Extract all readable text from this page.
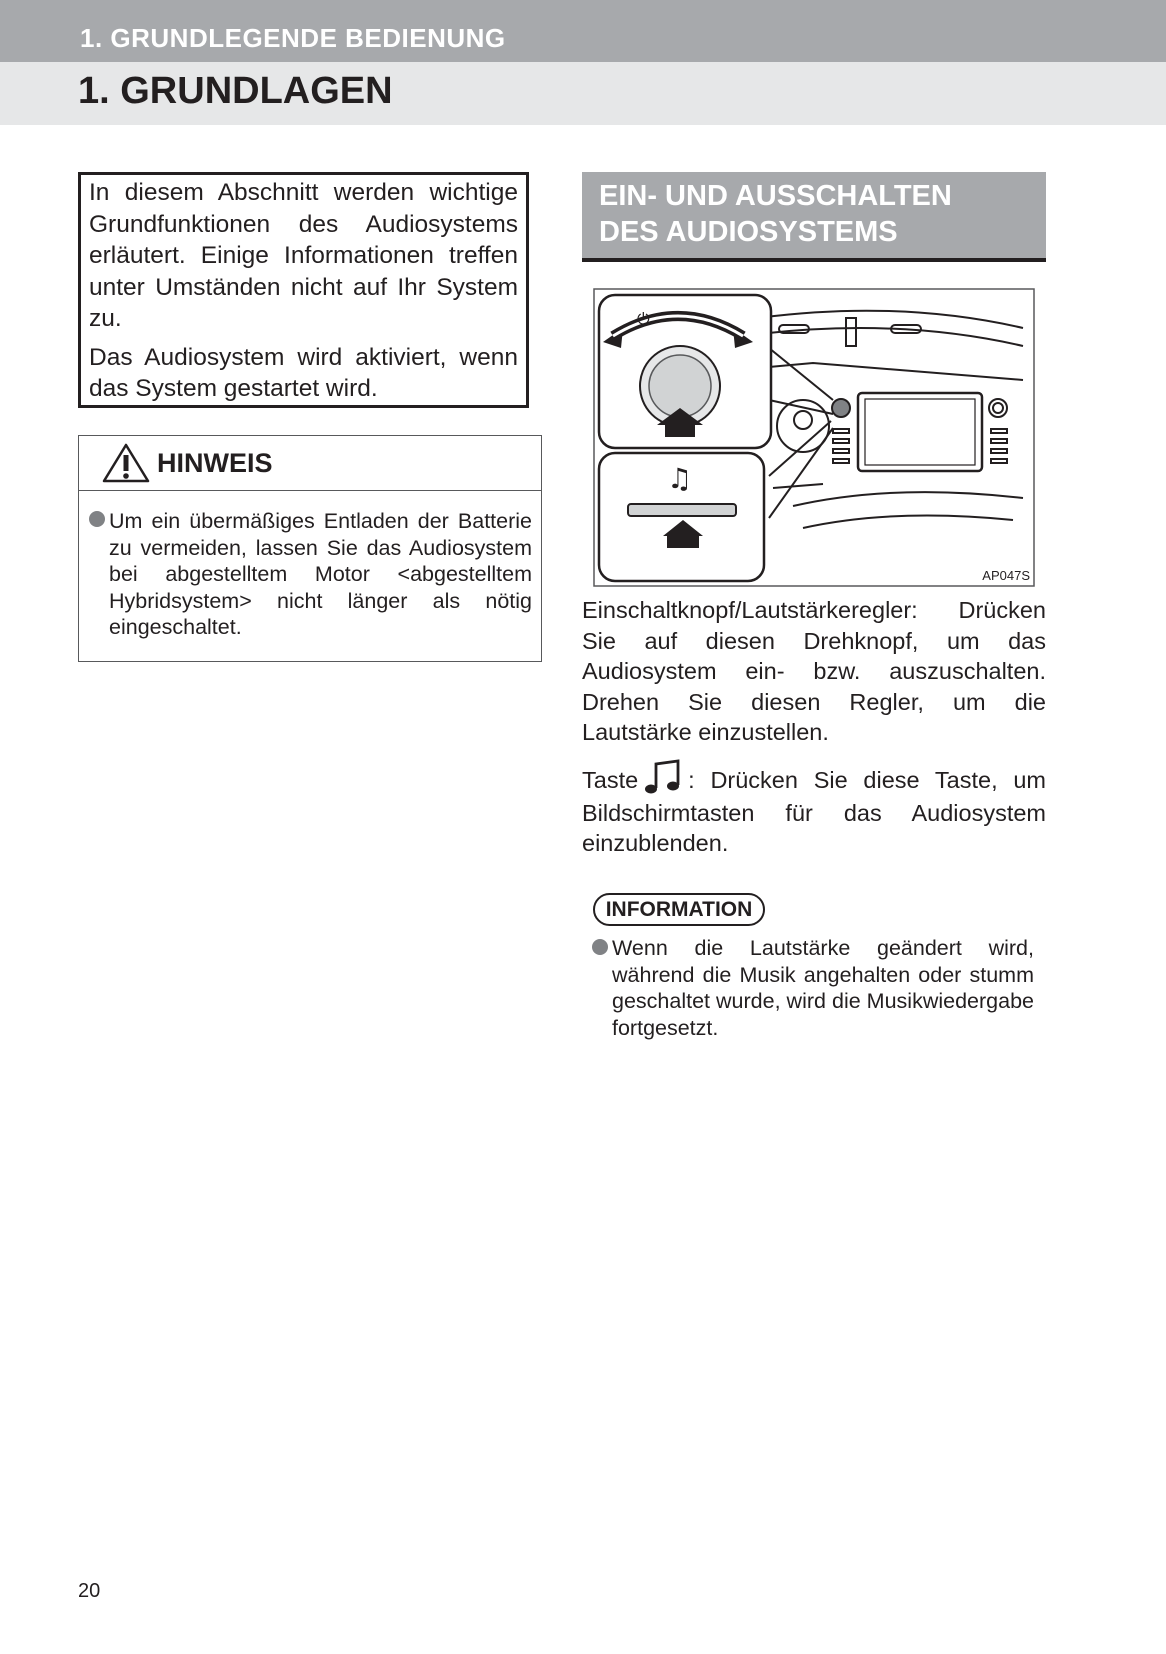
1. GRUNDLEGENDE BEDIENUNG
1. GRUNDLAGEN

In diesem Abschnitt werden wichtige Grundfunktionen des Audiosystems erläutert. Einige Informationen treffen unter Umständen nicht auf Ihr System zu.

Das Audiosystem wird aktiviert, wenn das System gestartet wird.

HINWEIS
Um ein übermäßiges Entladen der Batterie zu vermeiden, lassen Sie das Audiosystem bei abgestelltem Motor <abgestelltem Hybridsystem> nicht länger als nötig eingeschaltet.
EIN- UND AUSSCHALTEN
DES AUDIOSYSTEMS
⏻
♫
AP047S
Einschaltknopf/Lautstärkeregler: Drücken Sie auf diesen Drehknopf, um das Audiosystem ein- bzw. auszuschalten. Drehen Sie diesen Regler, um die Lautstärke einzustellen.
Taste : Drücken Sie diese Taste, um Bildschirmtasten für das Audiosystem einzublenden.
INFORMATION
Wenn die Lautstärke geändert wird, während die Musik angehalten oder stumm geschaltet wurde, wird die Musikwiedergabe fortgesetzt.
20
